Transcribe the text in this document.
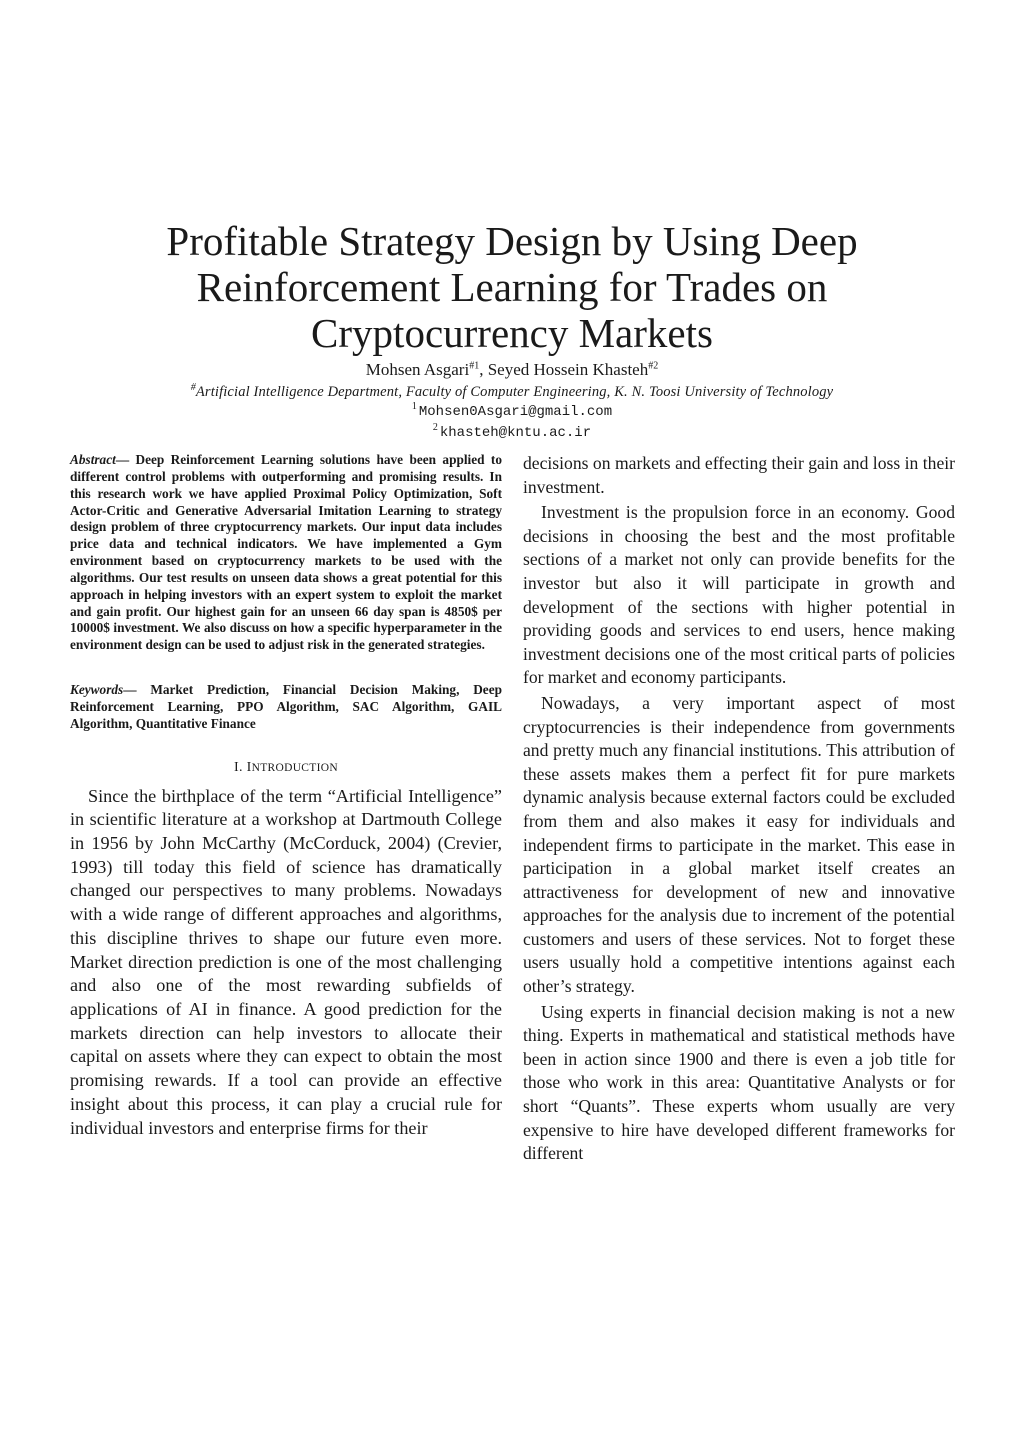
Profitable Strategy Design by Using Deep Reinforcement Learning for Trades on Cryptocurrency Markets
Mohsen Asgari$^{\#1}$, Seyed Hossein Khasteh$^{\#2}$
#Artificial Intelligence Department, Faculty of Computer Engineering, K. N. Toosi University of Technology
$^1$ Mohsen0Asgari@gmail.com
$^2$ khasteh@kntu.ac.ir

Abstract— Deep Reinforcement Learning solutions have been applied to different control problems with outperforming and promising results. In this research work we have applied Proximal Policy Optimization, Soft Actor-Critic and Generative Adversarial Imitation Learning to strategy design problem of three cryptocurrency markets. Our input data includes price data and technical indicators. We have implemented a Gym environment based on cryptocurrency markets to be used with the algorithms. Our test results on unseen data shows a great potential for this approach in helping investors with an expert system to exploit the market and gain profit. Our highest gain for an unseen 66 day span is 4850$ per 10000$ investment. We also discuss on how a specific hyperparameter in the environment design can be used to adjust risk in the generated strategies.

Keywords— Market Prediction, Financial Decision Making, Deep Reinforcement Learning, PPO Algorithm, SAC Algorithm, GAIL Algorithm, Quantitative Finance

I. INTRODUCTION

Since the birthplace of the term “Artificial Intelligence” in scientific literature at a workshop at Dartmouth College in 1956 by John McCarthy (McCorduck, 2004) (Crevier, 1993) till today this field of science has dramatically changed our perspectives to many problems. Nowadays with a wide range of different approaches and algorithms, this discipline thrives to shape our future even more. Market direction prediction is one of the most challenging and also one of the most rewarding subfields of applications of AI in finance. A good prediction for the markets direction can help investors to allocate their capital on assets where they can expect to obtain the most promising rewards. If a tool can provide an effective insight about this process, it can play a crucial rule for individual investors and enterprise firms for their

decisions on markets and effecting their gain and loss in their investment.

Investment is the propulsion force in an economy. Good decisions in choosing the best and the most profitable sections of a market not only can provide benefits for the investor but also it will participate in growth and development of the sections with higher potential in providing goods and services to end users, hence making investment decisions one of the most critical parts of policies for market and economy participants.

Nowadays, a very important aspect of most cryptocurrencies is their independence from governments and pretty much any financial institutions. This attribution of these assets makes them a perfect fit for pure markets dynamic analysis because external factors could be excluded from them and also makes it easy for individuals and independent firms to participate in the market. This ease in participation in a global market itself creates an attractiveness for development of new and innovative approaches for the analysis due to increment of the potential customers and users of these services. Not to forget these users usually hold a competitive intentions against each other’s strategy.

Using experts in financial decision making is not a new thing. Experts in mathematical and statistical methods have been in action since 1900 and there is even a job title for those who work in this area: Quantitative Analysts or for short “Quants”. These experts whom usually are very expensive to hire have developed different frameworks for different
